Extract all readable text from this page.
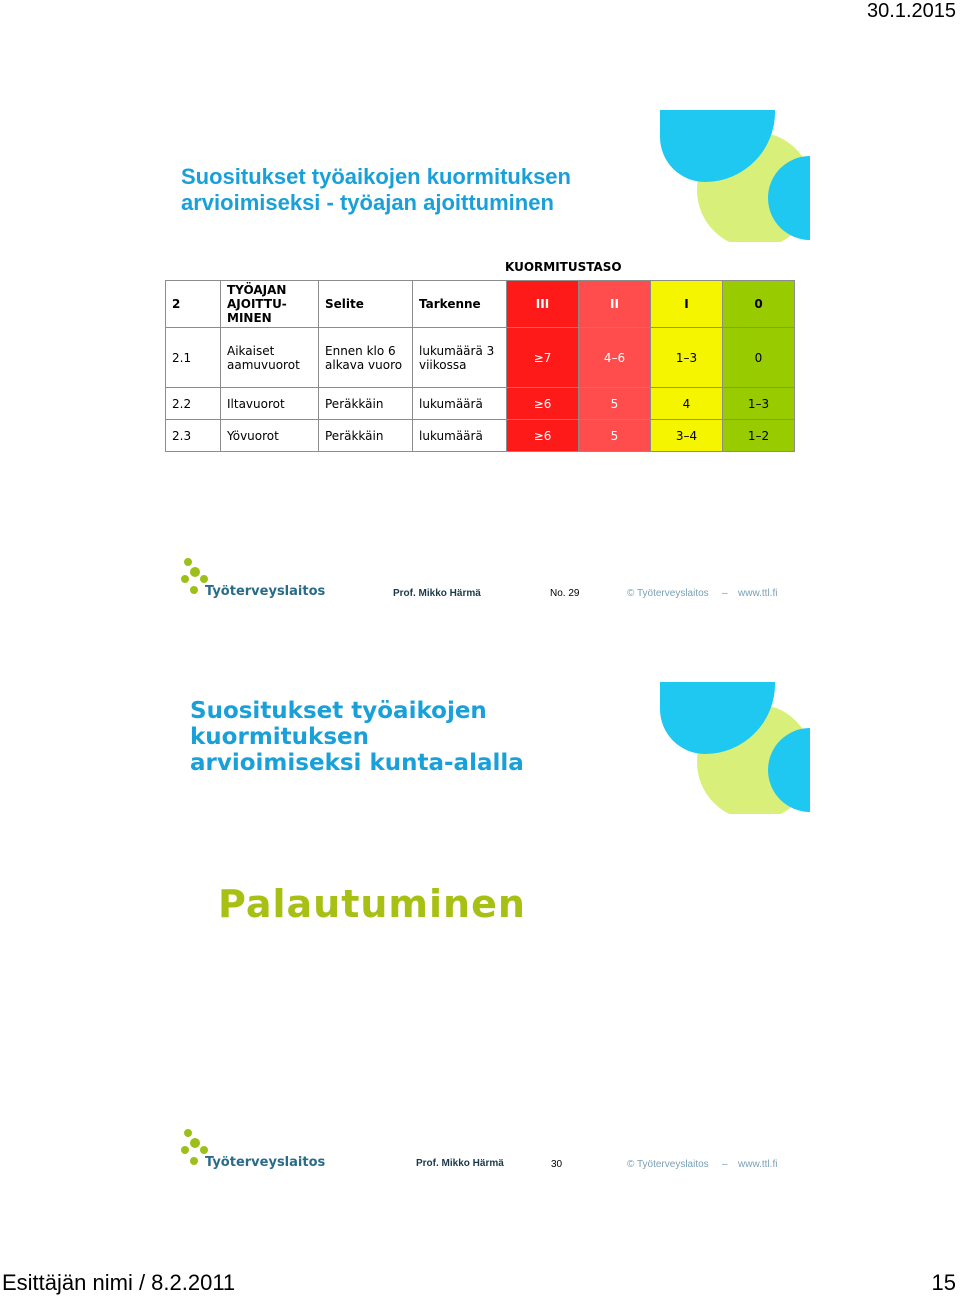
30.1.2015
Suositukset työaikojen kuormituksen
arvioimiseksi - työajan ajoittuminen
KUORMITUSTASO
2	TYÖAJAN AJOITTU-MINEN	Selite	Tarkenne	III	II	I	0
2.1	Aikaiset aamuvuorot	Ennen klo 6 alkava vuoro	lukumäärä 3 viikossa	≥7	4–6	1–3	0
2.2	Iltavuorot	Peräkkäin	lukumäärä	≥6	5	4	1–3
2.3	Yövuorot	Peräkkäin	lukumäärä	≥6	5	3–4	1–2
Työterveyslaitos	Prof. Mikko Härmä	No. 29	© Työterveyslaitos – www.ttl.fi
Suositukset työaikojen kuormituksen
arvioimiseksi kunta-alalla
Palautuminen
Työterveyslaitos	Prof. Mikko Härmä	30	© Työterveyslaitos – www.ttl.fi
Esittäjän nimi / 8.2.2011	15
